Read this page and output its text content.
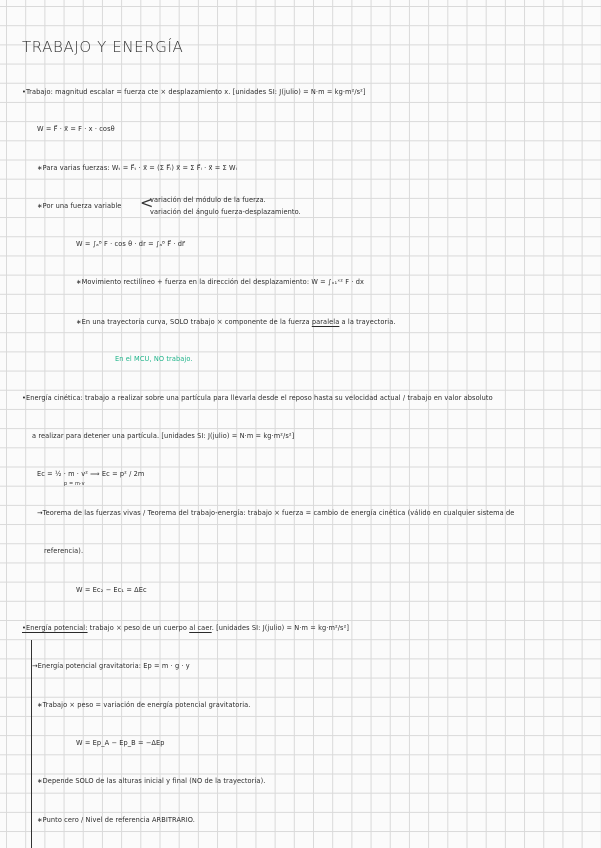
TRABAJO Y ENERGÍA
•Trabajo: magnitud escalar = fuerza cte × desplazamiento x. [unidades SI: J(julio) = N·m = kg·m²/s²]
W = F⃗ · x⃗ = F · x · cosθ
∗Para varias fuerzas: Wₜ = F⃗ₜ · x⃗ = (Σ F⃗ᵢ) x⃗ = Σ F⃗ᵢ · x⃗ = Σ Wᵢ
∗Por una fuerza variable <
variación del módulo de la fuerza.
variación del ángulo fuerza-desplazamiento.
W = ∫ₐᴮ F · cos θ · dr = ∫ₐᴮ F⃗ · dr⃗
∗Movimiento rectilíneo + fuerza en la dirección del desplazamiento: W = ∫ₓ₁ˣ² F · dx
∗En una trayectoria curva, SOLO trabajo × componente de la fuerza paralela a la trayectoria.
En el MCU, NO trabajo.
•Energía cinética: trabajo a realizar sobre una partícula para llevarla desde el reposo hasta su velocidad actual / trabajo en valor absoluto
a realizar para detener una partícula. [unidades SI: J(julio) = N·m = kg·m²/s²]
Ec = ½ · m · v² ⟹ Ec = p² / 2m
p = m·v
→Teorema de las fuerzas vivas / Teorema del trabajo-energía: trabajo × fuerza = cambio de energía cinética (válido en cualquier sistema de
referencia).
W = Ec₂ − Ec₁ = ΔEc
•Energía potencial: trabajo × peso de un cuerpo al caer. [unidades SI: J(julio) = N·m = kg·m²/s²]
→Energía potencial gravitatoria: Ep = m · g · y
∗Trabajo × peso = variación de energía potencial gravitatoria.
W = Ep_A − Ep_B = −ΔEp
∗Depende SOLO de las alturas inicial y final (NO de la trayectoria).
∗Punto cero / Nivel de referencia ARBITRARIO.
